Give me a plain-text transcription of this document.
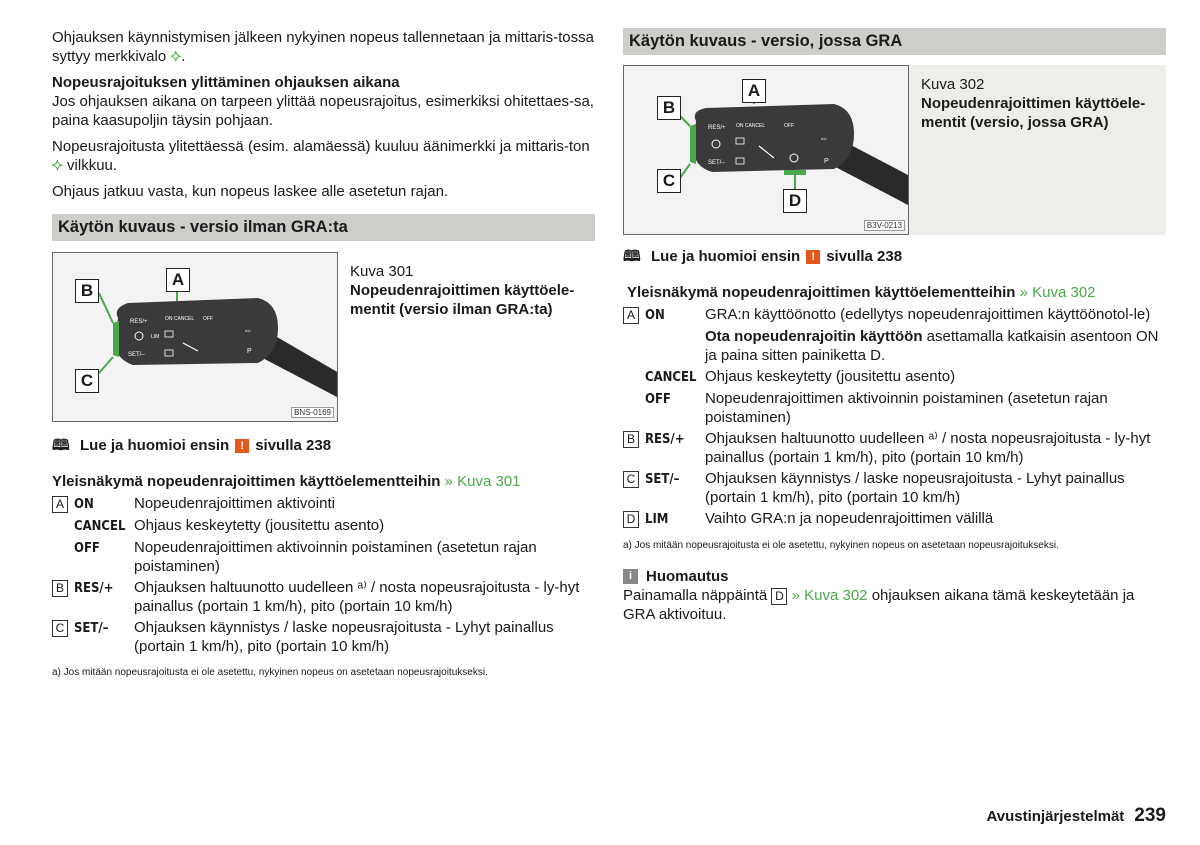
Ohjauksen käynnistymisen jälkeen nykyinen nopeus tallennetaan ja mittaris-tossa syttyy merkkivalo ⯎.

Nopeusrajoituksen ylittäminen ohjauksen aikana
Jos ohjauksen aikana on tarpeen ylittää nopeusrajoitus, esimerkiksi ohitettaes-sa, paina kaasupoljin täysin pohjaan.

Nopeusrajoitusta ylitettäessä (esim. alamäessä) kuuluu äänimerkki ja mittaris-ton ⯎ vilkkuu.

Ohjaus jatkuu vasta, kun nopeus laskee alle asetetun rajan.

Käytön kuvaus - versio ilman GRA:ta
RES/+	ON CANCEL OFF
SET/–
LIM
⇔
P
A
B
C
BNS-0169
Kuva 301
Nopeudenrajoittimen käyttöele-mentit (versio ilman GRA:ta)
🕮 Lue ja huomioi ensin	! sivulla 238
Yleisnäkymä nopeudenrajoittimen käyttöelementteihin » Kuva 301
A ON	Nopeudenrajoittimen aktivointi
CANCEL Ohjaus keskeytetty (jousitettu asento)
OFF	Nopeudenrajoittimen aktivoinnin poistaminen (asetetun rajan poistaminen)
B RES/+	Ohjauksen haltuunotto uudelleen ᵃ⁾ / nosta nopeusrajoitusta - ly-hyt painallus (portain 1 km/h), pito (portain 10 km/h)
C SET/–	Ohjauksen käynnistys / laske nopeusrajoitusta - Lyhyt painallus (portain 1 km/h), pito (portain 10 km/h)
a) Jos mitään nopeusrajoitusta ei ole asetettu, nykyinen nopeus on asetetaan nopeusrajoitukseksi.
Käytön kuvaus - versio, jossa GRA
RES/+ ON CANCEL	OFF
SET/–
⇔
P
A
B
C
D
B3V-0213
Kuva 302
Nopeudenrajoittimen käyttöele-mentit (versio, jossa GRA)
🕮 Lue ja huomioi ensin	! sivulla 238
Yleisnäkymä nopeudenrajoittimen käyttöelementteihin » Kuva 302
A ON	GRA:n käyttöönotto (edellytys nopeudenrajoittimen käyttöönotol-le)
Ota nopeudenrajoitin käyttöön asettamalla katkaisin asentoon ON ja paina sitten painiketta D.
CANCEL Ohjaus keskeytetty (jousitettu asento)
OFF	Nopeudenrajoittimen aktivoinnin poistaminen (asetetun rajan poistaminen)
B RES/+	Ohjauksen haltuunotto uudelleen ᵃ⁾ / nosta nopeusrajoitusta - ly-hyt painallus (portain 1 km/h), pito (portain 10 km/h)
C SET/–	Ohjauksen käynnistys / laske nopeusrajoitusta - Lyhyt painallus (portain 1 km/h), pito (portain 10 km/h)
D LIM	Vaihto GRA:n ja nopeudenrajoittimen välillä
a) Jos mitään nopeusrajoitusta ei ole asetettu, nykyinen nopeus on asetetaan nopeusrajoitukseksi.
i Huomautus

Painamalla näppäintä D » Kuva 302 ohjauksen aikana tämä keskeytetään ja GRA aktivoituu.

Avustinjärjestelmät 239
